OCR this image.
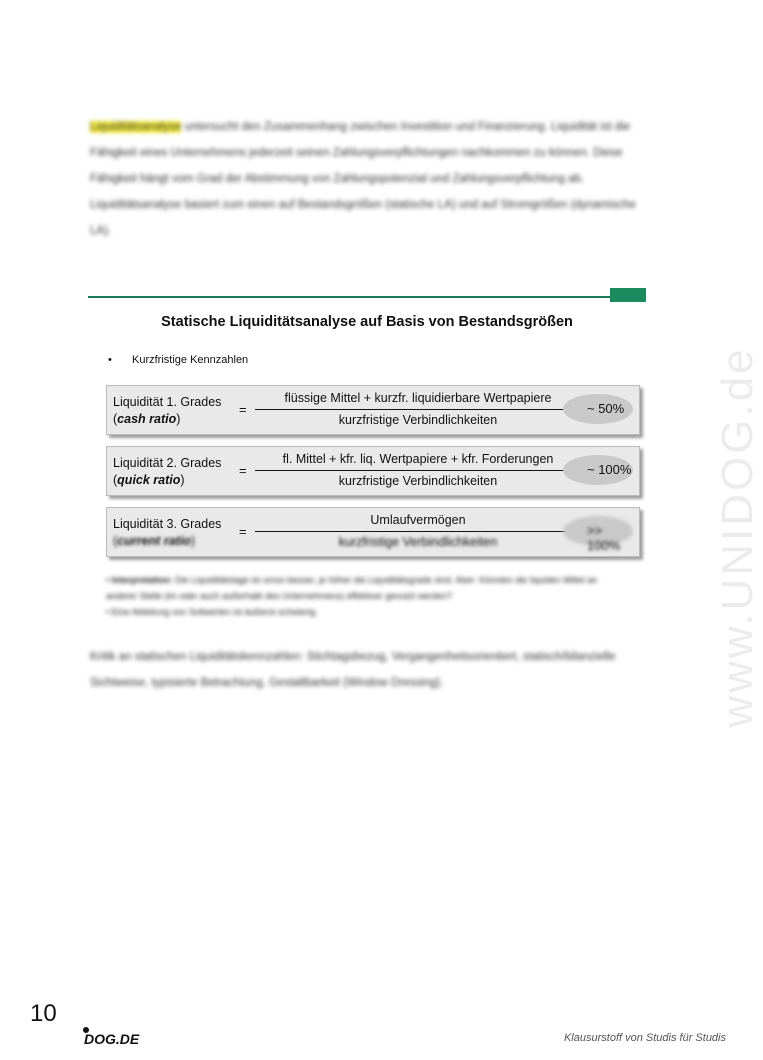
Liquiditätsanalyse untersucht den Zusammenhang zwischen Investition und Finanzierung. Liquidität ist die Fähigkeit eines Unternehmens jederzeit seinen Zahlungsverpflichtungen nachkommen zu können. Diese Fähigkeit hängt vom Grad der Abstimmung von Zahlungspotenzial und Zahlungsverpflichtung ab. Liquiditätsanalyse basiert zum einen auf Bestandsgrößen (statische LA) und auf Stromgrößen (dynamische LA).
Statische Liquiditätsanalyse auf Basis von Bestandsgrößen
• Kurzfristige Kennzahlen
Liquidität 1. Grades
(cash ratio)
=
flüssige Mittel + kurzfr. liquidierbare Wertpapiere
kurzfristige Verbindlichkeiten
~ 50%
Liquidität 2. Grades
(quick ratio)
=
fl. Mittel + kfr. liq. Wertpapiere + kfr. Forderungen
kurzfristige Verbindlichkeiten
~ 100%
Liquidität 3. Grades
(current ratio)
=
Umlaufvermögen
kurzfristige Verbindlichkeiten
>> 100%
• Interpretation: Die Liquiditätslage ist umso besser, je höher die Liquiditätsgrade sind. Aber: Könnten die liquiden Mittel an anderer Stelle (im oder auch außerhalb des Unternehmens) effektiver genutzt werden?
• Eine Ableitung von Sollwerten ist äußerst schwierig.
Kritik an statischen Liquiditätskennzahlen: Stichtagsbezug, Vergangenheitsorientiert, statisch/bilanzielle Sichtweise, typisierte Betrachtung, Gestaltbarkeit (Window Dressing).	www.UNIDOG.de
10
DOG.DE	Klausurstoff von Studis für Studis
